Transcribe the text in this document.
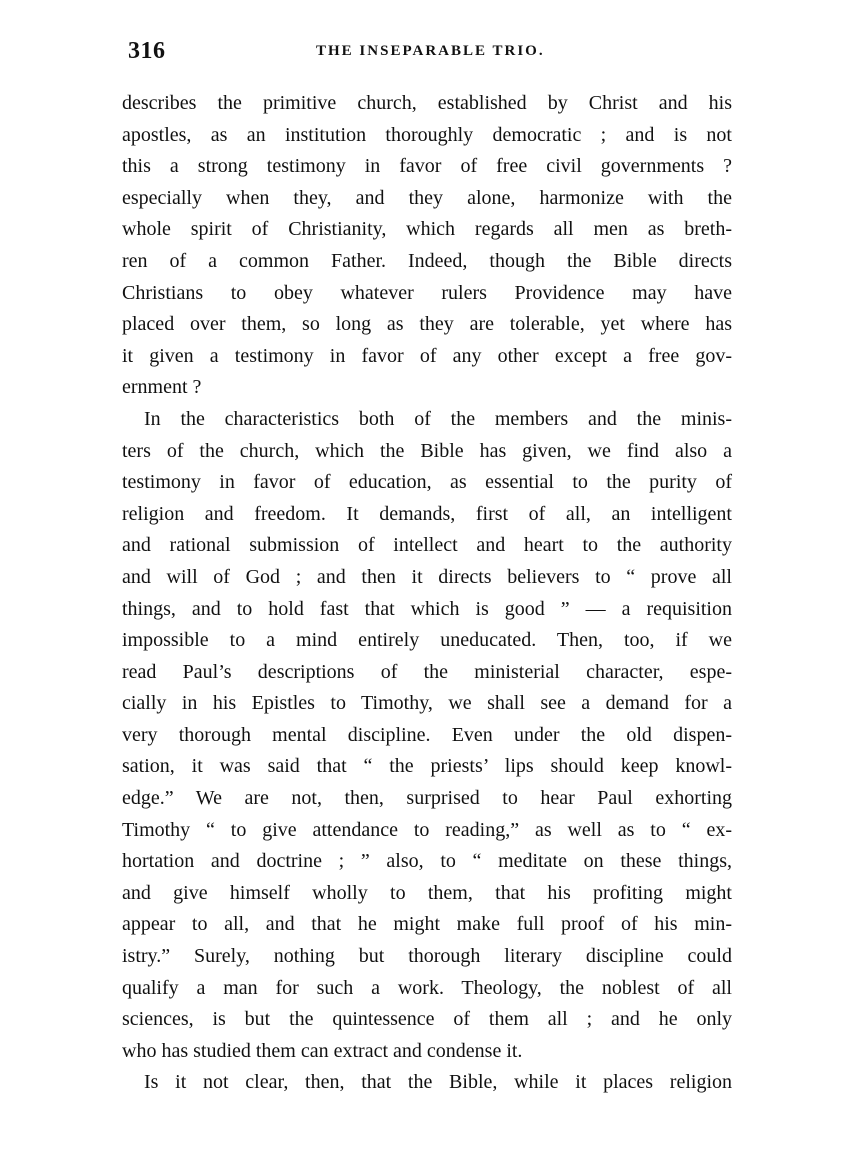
316	THE INSEPARABLE TRIO.
describes the primitive church, established by Christ and his
apostles, as an institution thoroughly democratic ; and is not
this a strong testimony in favor of free civil governments ?
especially when they, and they alone, harmonize with the
whole spirit of Christianity, which regards all men as breth-
ren of a common Father. Indeed, though the Bible directs
Christians to obey whatever rulers Providence may have
placed over them, so long as they are tolerable, yet where has
it given a testimony in favor of any other except a free gov-
ernment ?
In the characteristics both of the members and the minis-
ters of the church, which the Bible has given, we find also a
testimony in favor of education, as essential to the purity of
religion and freedom. It demands, first of all, an intelligent
and rational submission of intellect and heart to the authority
and will of God ; and then it directs believers to “ prove all
things, and to hold fast that which is good ” — a requisition
impossible to a mind entirely uneducated. Then, too, if we
read Paul’s descriptions of the ministerial character, espe-
cially in his Epistles to Timothy, we shall see a demand for a
very thorough mental discipline. Even under the old dispen-
sation, it was said that “ the priests’ lips should keep knowl-
edge.” We are not, then, surprised to hear Paul exhorting
Timothy “ to give attendance to reading,” as well as to “ ex-
hortation and doctrine ; ” also, to “ meditate on these things,
and give himself wholly to them, that his profiting might
appear to all, and that he might make full proof of his min-
istry.” Surely, nothing but thorough literary discipline could
qualify a man for such a work. Theology, the noblest of all
sciences, is but the quintessence of them all ; and he only
who has studied them can extract and condense it.
Is it not clear, then, that the Bible, while it places religion
